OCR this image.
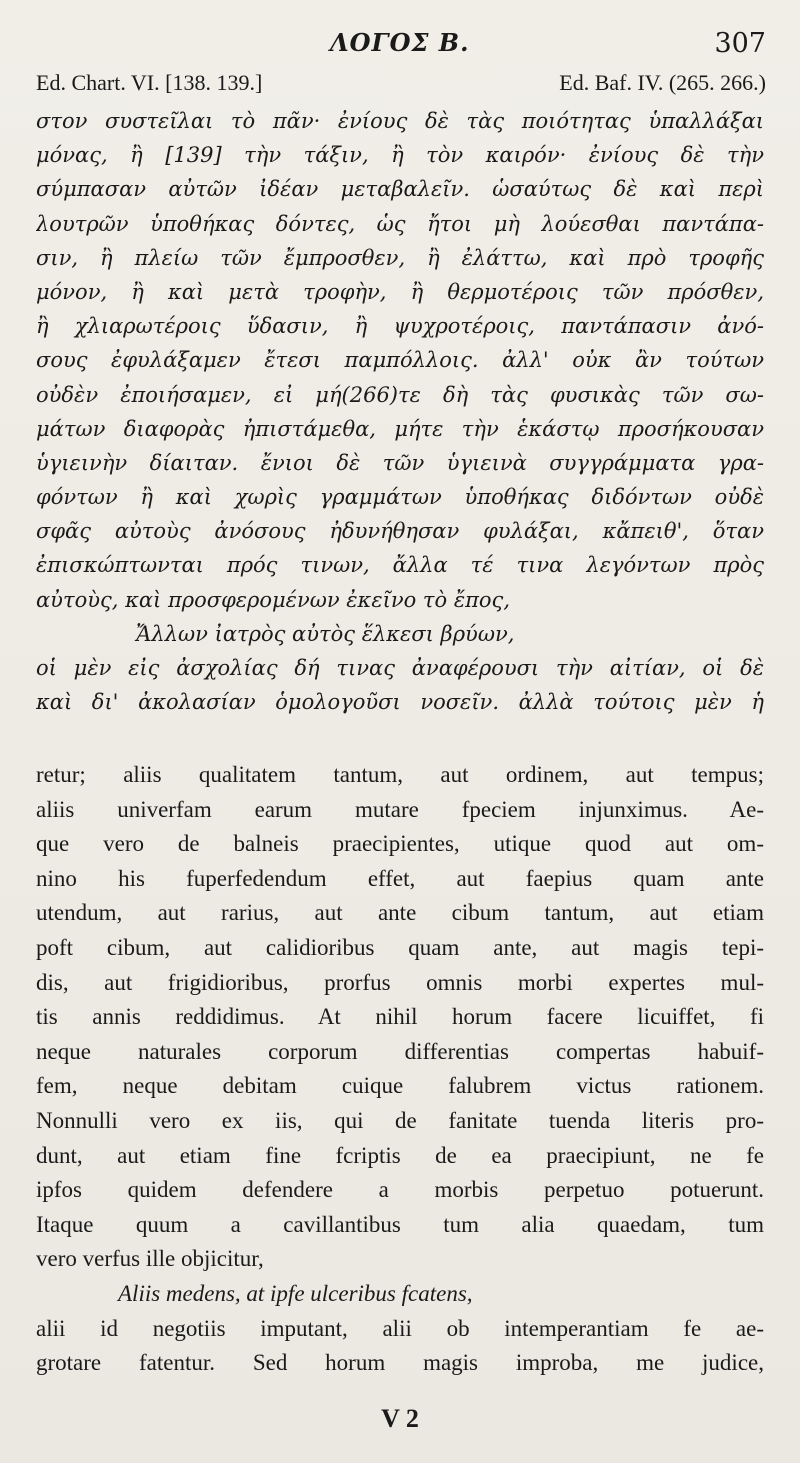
ΛΟΓΟΣ Β.	307
Ed. Chart. VI. [138. 139.]	Ed. Baf. IV. (265. 266.)
στον συστεῖλαι τὸ πᾶν· ἐνίους δὲ τὰς ποιότητας ὑπαλλάξαι
μόνας, ἢ [139] τὴν τάξιν, ἢ τὸν καιρόν· ἐνίους δὲ τὴν
σύμπασαν αὐτῶν ἰδέαν μεταβαλεῖν. ὡσαύτως δὲ καὶ περὶ
λουτρῶν ὑποθήκας δόντες, ὡς ἤτοι μὴ λούεσθαι παντάπα-
σιν, ἢ πλείω τῶν ἔμπροσθεν, ἢ ἐλάττω, καὶ πρὸ τροφῆς
μόνον, ἢ καὶ μετὰ τροφὴν, ἢ θερμοτέροις τῶν πρόσθεν,
ἢ χλιαρωτέροις ὕδασιν, ἢ ψυχροτέροις, παντάπασιν ἀνό-
σους ἐφυλάξαμεν ἔτεσι παμπόλλοις. ἀλλ' οὐκ ἂν τούτων
οὐδὲν ἐποιήσαμεν, εἰ μή(266)τε δὴ τὰς φυσικὰς τῶν σω-
μάτων διαφορὰς ἠπιστάμεθα, μήτε τὴν ἑκάστῳ προσήκουσαν
ὑγιεινὴν δίαιταν. ἔνιοι δὲ τῶν ὑγιεινὰ συγγράμματα γρα-
φόντων ἢ καὶ χωρὶς γραμμάτων ὑποθήκας διδόντων οὐδὲ
σφᾶς αὐτοὺς ἀνόσους ἠδυνήθησαν φυλάξαι, κἄπειθ', ὅταν
ἐπισκώπτωνται πρός τινων, ἄλλα τέ τινα λεγόντων πρὸς
αὐτοὺς, καὶ προσφερομένων ἐκεῖνο τὸ ἔπος,
Ἄλλων ἰατρὸς αὐτὸς ἕλκεσι βρύων,
οἱ μὲν εἰς ἀσχολίας δή τινας ἀναφέρουσι τὴν αἰτίαν, οἱ δὲ
καὶ δι' ἀκολασίαν ὁμολογοῦσι νοσεῖν. ἀλλὰ τούτοις μὲν ἡ
retur; aliis qualitatem tantum, aut ordinem, aut tempus;
aliis univerfam earum mutare fpeciem injunximus. Ae-
que vero de balneis praecipientes, utique quod aut om-
nino his fuperfedendum effet, aut faepius quam ante
utendum, aut rarius, aut ante cibum tantum, aut etiam
poft cibum, aut calidioribus quam ante, aut magis tepi-
dis, aut frigidioribus, prorfus omnis morbi expertes mul-
tis annis reddidimus. At nihil horum facere licuiffet, fi
neque naturales corporum differentias compertas habuif-
fem, neque debitam cuique falubrem victus rationem.
Nonnulli vero ex iis, qui de fanitate tuenda literis pro-
dunt, aut etiam fine fcriptis de ea praecipiunt, ne fe
ipfos quidem defendere a morbis perpetuo potuerunt.
Itaque quum a cavillantibus tum alia quaedam, tum
vero verfus ille objicitur,
Aliis medens, at ipfe ulceribus fcatens,
alii id negotiis imputant, alii ob intemperantiam fe ae-
grotare fatentur. Sed horum magis improba, me judice,
V 2
